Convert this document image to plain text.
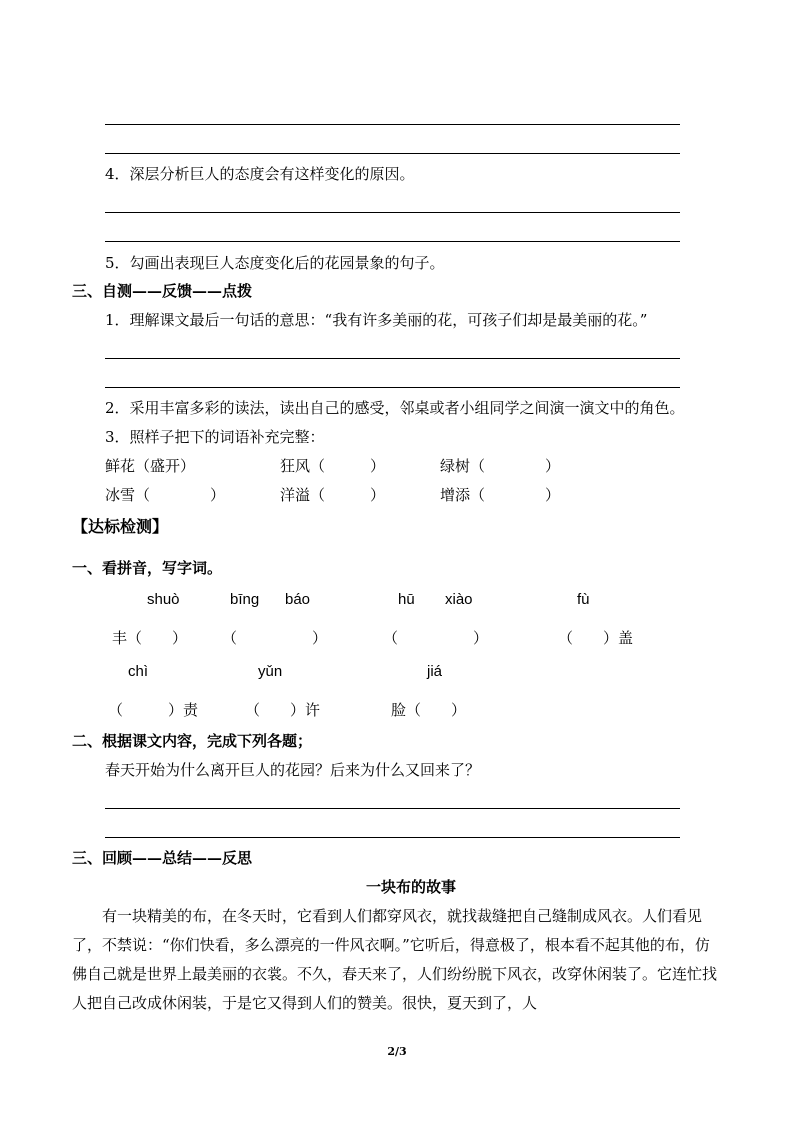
4．深层分析巨人的态度会有这样变化的原因。
5．勾画出表现巨人态度变化后的花园景象的句子。
三、自测——反馈——点拨
1．理解课文最后一句话的意思：“我有许多美丽的花，可孩子们却是最美丽的花。”
2．采用丰富多彩的读法，读出自己的感受，邻桌或者小组同学之间演一演文中的角色。
3．照样子把下的词语补充完整：
鲜花（盛开）	狂风（　　　）	绿树（　　　　）
冰雪（　　　　）	洋溢（　　　）	增添（　　　　）
【达标检测】
一、看拼音，写字词。
shuò	bīng báo	hū xiào	fù
丰（　　） （　　　　　）	（　　　　　）	（　　）盖
chì	yǔn	jiá
（　　　）责	（　　）许	脸（　　）
二、根据课文内容，完成下列各题；
春天开始为什么离开巨人的花园？后来为什么又回来了？
三、回顾——总结——反思
一块布的故事
有一块精美的布，在冬天时，它看到人们都穿风衣，就找裁缝把自己缝制成风衣。人们看见了，不禁说：“你们快看，多么漂亮的一件风衣啊。”它听后，得意极了，根本看不起其他的布，仿佛自己就是世界上最美丽的衣裳。不久，春天来了，人们纷纷脱下风衣，改穿休闲装了。它连忙找人把自己改成休闲装，于是它又得到人们的赞美。很快，夏天到了，人
2/3
